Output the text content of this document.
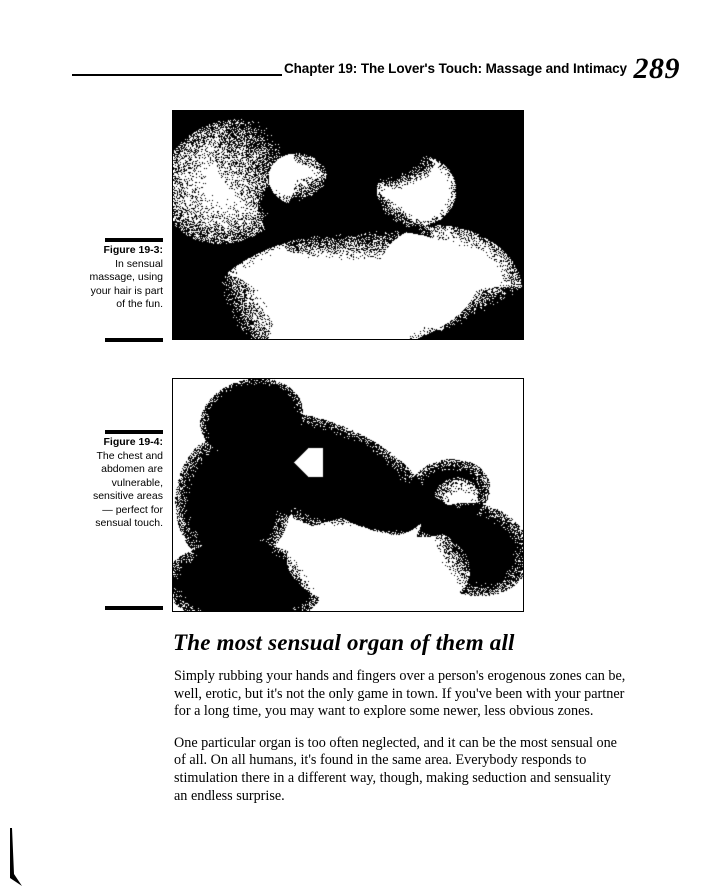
Chapter 19: The Lover's Touch: Massage and Intimacy 289
Figure 19-3:
In sensual massage, using your hair is part of the fun.
Figure 19-4:
The chest and abdomen are vulnerable, sensitive areas — perfect for sensual touch.
The most sensual organ of them all

Simply rubbing your hands and fingers over a person's erogenous zones can be, well, erotic, but it's not the only game in town. If you've been with your partner for a long time, you may want to explore some newer, less obvious zones.

One particular organ is too often neglected, and it can be the most sensual one of all. On all humans, it's found in the same area. Everybody responds to stimulation there in a different way, though, making seduction and sensuality an endless surprise.
